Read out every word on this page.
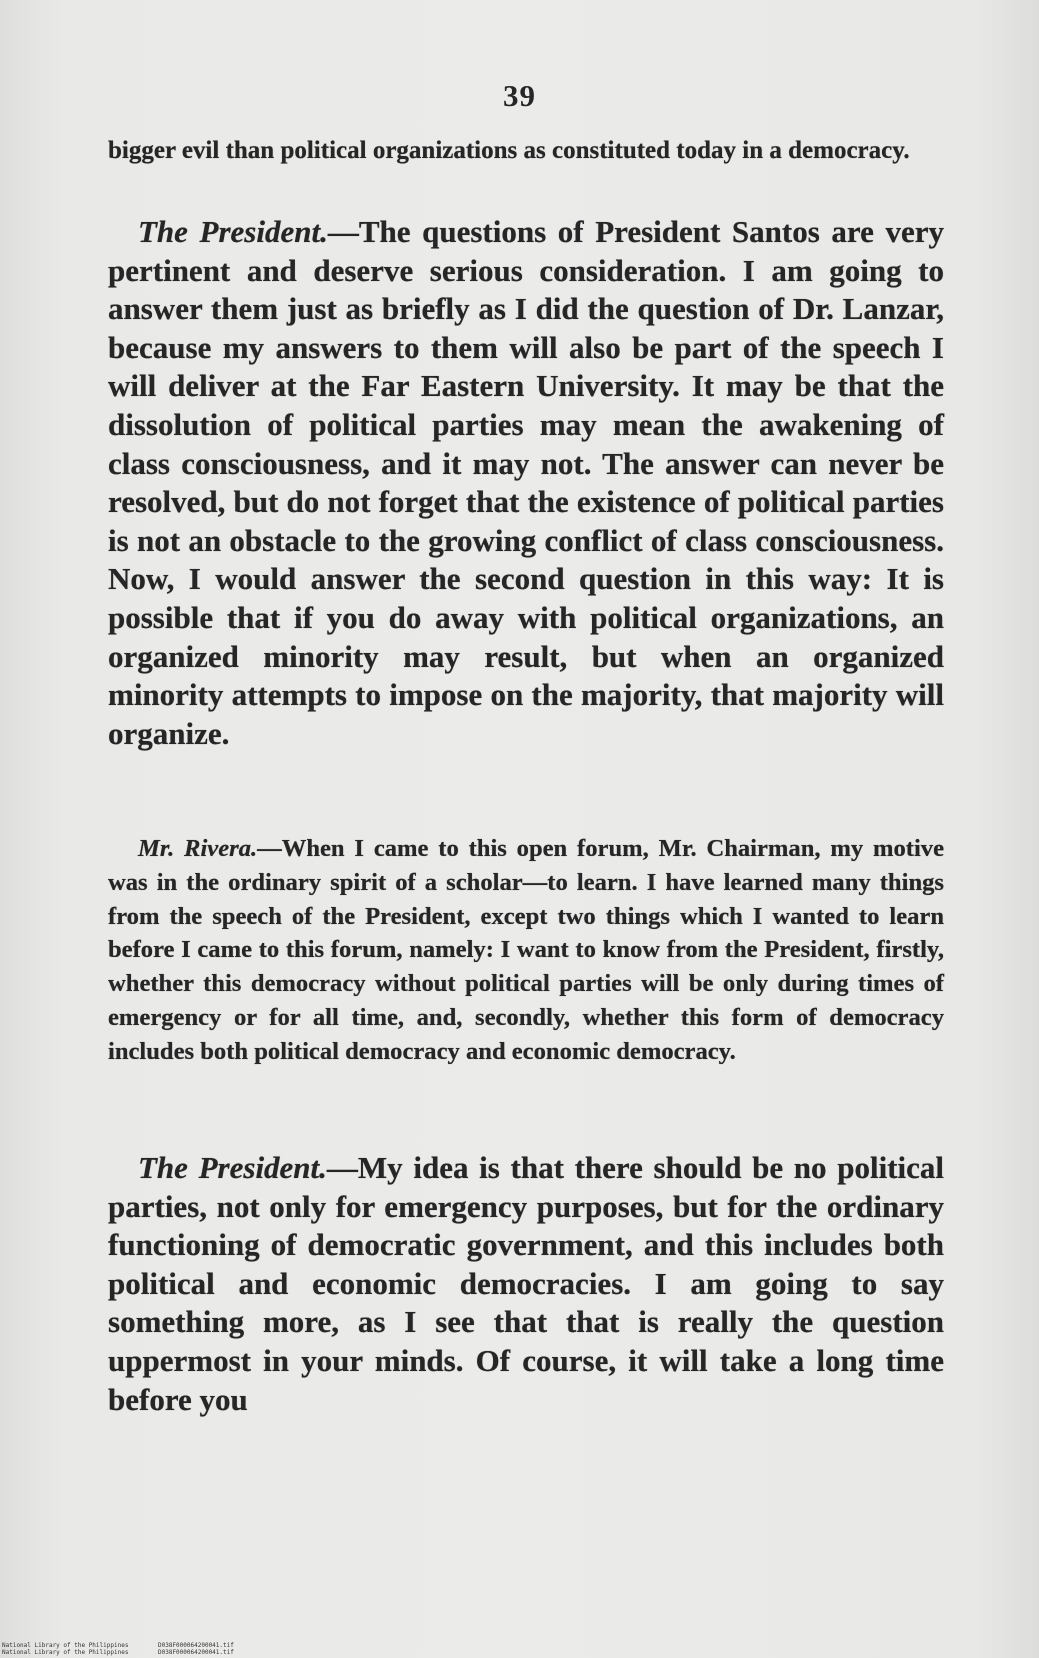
39

bigger evil than political organizations as constituted today in a democracy.

The President.—The questions of President Santos are very pertinent and deserve serious consideration. I am going to answer them just as briefly as I did the question of Dr. Lanzar, because my answers to them will also be part of the speech I will deliver at the Far Eastern University. It may be that the dissolution of political parties may mean the awakening of class consciousness, and it may not. The answer can never be resolved, but do not forget that the existence of political parties is not an obstacle to the growing conflict of class consciousness. Now, I would answer the second question in this way: It is possible that if you do away with political organizations, an organized minority may result, but when an organized minority attempts to impose on the majority, that majority will organize.

Mr. Rivera.—When I came to this open forum, Mr. Chairman, my motive was in the ordinary spirit of a scholar—to learn. I have learned many things from the speech of the President, except two things which I wanted to learn before I came to this forum, namely: I want to know from the President, firstly, whether this democracy without political parties will be only during times of emergency or for all time, and, secondly, whether this form of democracy includes both political democracy and economic democracy.

The President.—My idea is that there should be no political parties, not only for emergency purposes, but for the ordinary functioning of democratic government, and this includes both political and economic democracies. I am going to say something more, as I see that that is really the question uppermost in your minds. Of course, it will take a long time before you

National Library of the Philippines	D038F000064200041.tif

National Library of the Philippines	D038F000064200041.tif
